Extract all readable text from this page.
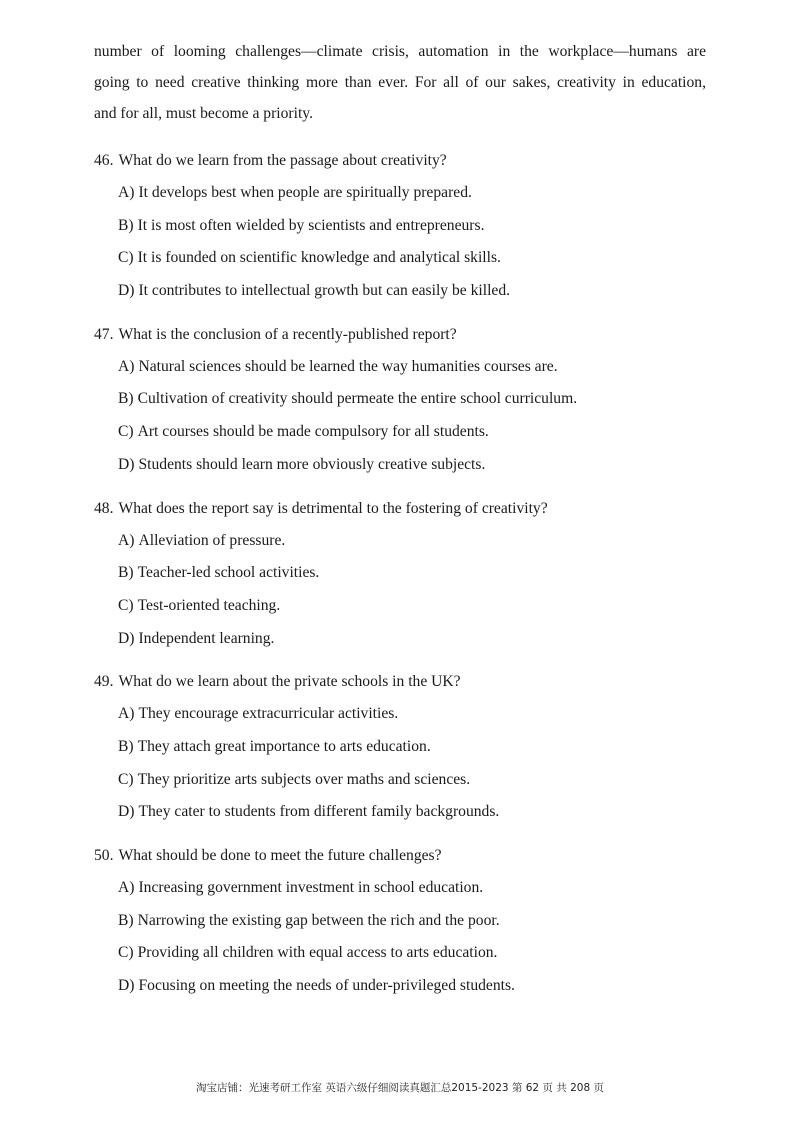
number of looming challenges—climate crisis, automation in the workplace—humans are
going to need creative thinking more than ever. For all of our sakes, creativity in education,
and for all, must become a priority.

46. What do we learn from the passage about creativity?
A) It develops best when people are spiritually prepared.
B) It is most often wielded by scientists and entrepreneurs.
C) It is founded on scientific knowledge and analytical skills.
D) It contributes to intellectual growth but can easily be killed.
47. What is the conclusion of a recently-published report?
A) Natural sciences should be learned the way humanities courses are.
B) Cultivation of creativity should permeate the entire school curriculum.
C) Art courses should be made compulsory for all students.
D) Students should learn more obviously creative subjects.
48. What does the report say is detrimental to the fostering of creativity?
A) Alleviation of pressure.
B) Teacher-led school activities.
C) Test-oriented teaching.
D) Independent learning.
49. What do we learn about the private schools in the UK?
A) They encourage extracurricular activities.
B) They attach great importance to arts education.
C) They prioritize arts subjects over maths and sciences.
D) They cater to students from different family backgrounds.
50. What should be done to meet the future challenges?
A) Increasing government investment in school education.
B) Narrowing the existing gap between the rich and the poor.
C) Providing all children with equal access to arts education.
D) Focusing on meeting the needs of under-privileged students.
淘宝店铺：光速考研工作室 英语六级仔细阅读真题汇总2015-2023 第 62 页 共 208 页
